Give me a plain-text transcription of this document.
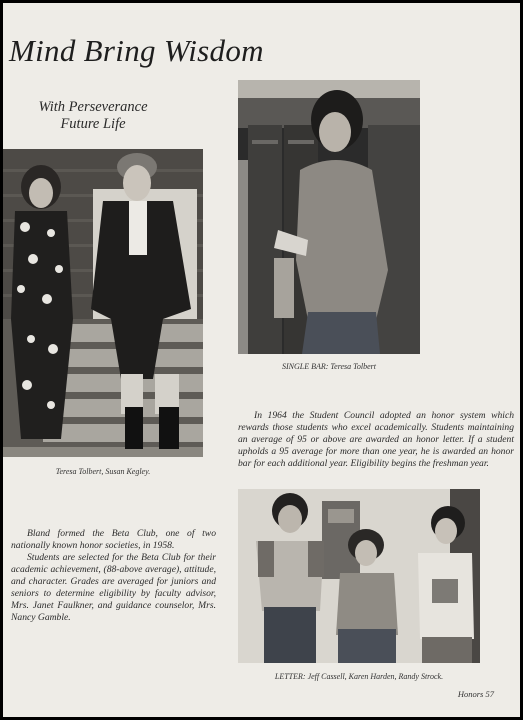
Mind Bring Wisdom
With Perseverance
Future Life
SINGLE BAR: Teresa Tolbert
Teresa Tolbert, Susan Kegley.

In 1964 the Student Council adopted an honor system which rewards those students who excel academically. Students maintaining an average of 95 or above are awarded an honor letter. If a student upholds a 95 average for more than one year, he is awarded an honor bar for each additional year. Eligibility begins the freshman year.

LETTER: Jeff Cassell, Karen Harden, Randy Strock.

Bland formed the Beta Club, one of two nationally known honor societies, in 1958.

Students are selected for the Beta Club for their academic achievement, (88-above average), attitude, and character. Grades are averaged for juniors and seniors to determine eligibility by faculty advisor, Mrs. Janet Faulkner, and guidance counselor, Mrs. Nancy Gamble.

Honors 57
